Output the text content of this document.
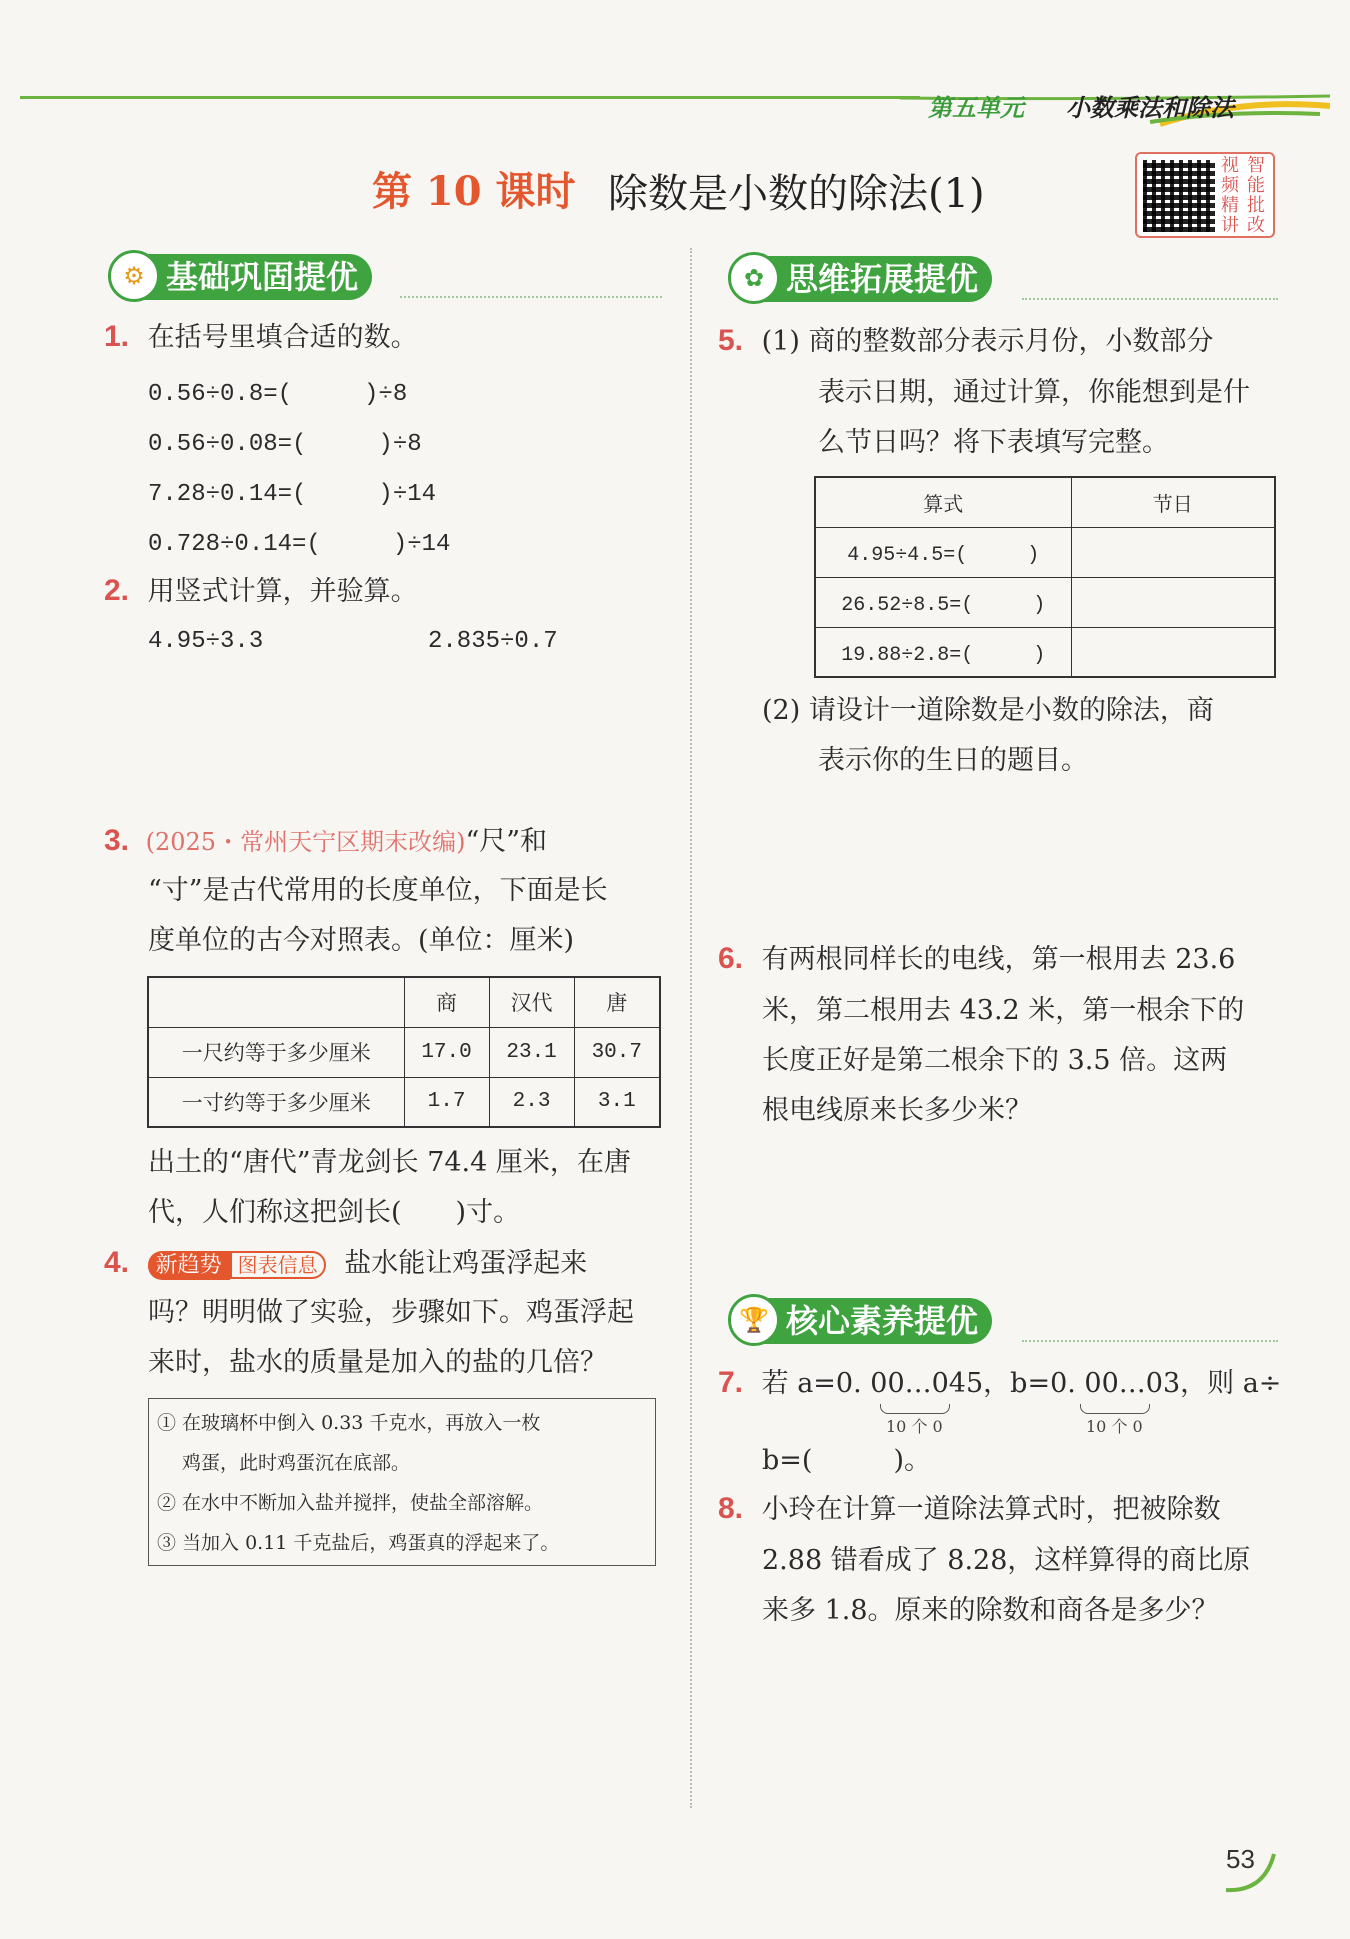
第五单元 小数乘法和除法
第 10 课时 除数是小数的除法(1)
视 智
频 能
精 批
讲 改
⚙ 基础巩固提优
1. 在括号里填合适的数。
0.56÷0.8=(　　　)÷8
0.56÷0.08=(　　　)÷8
7.28÷0.14=(　　　)÷14
0.728÷0.14=(　　　)÷14
2. 用竖式计算，并验算。
4.95÷3.3	2.835÷0.7
3. (2025・常州天宁区期末改编)“尺”和
“寸”是古代常用的长度单位，下面是长
度单位的古今对照表。(单位：厘米)
	商	汉代	唐
一尺约等于多少厘米	17.0	23.1	30.7
一寸约等于多少厘米	1.7	2.3	3.1
出土的“唐代”青龙剑长 74.4 厘米，在唐
代，人们称这把剑长(　　)寸。
4. 新趋势 图表信息 盐水能让鸡蛋浮起来
吗？明明做了实验，步骤如下。鸡蛋浮起
来时，盐水的质量是加入的盐的几倍？
① 在玻璃杯中倒入 0.33 千克水，再放入一枚
　 鸡蛋，此时鸡蛋沉在底部。
② 在水中不断加入盐并搅拌，使盐全部溶解。
③ 当加入 0.11 千克盐后，鸡蛋真的浮起来了。
✿ 思维拓展提优
5. (1) 商的整数部分表示月份，小数部分
表示日期，通过计算，你能想到是什
么节日吗？将下表填写完整。
算式	节日
4.95÷4.5=(　　　)	
26.52÷8.5=(　　　)	
19.88÷2.8=(　　　)	
(2) 请设计一道除数是小数的除法，商
表示你的生日的题目。
6. 有两根同样长的电线，第一根用去 23.6
米，第二根用去 43.2 米，第一根余下的
长度正好是第二根余下的 3.5 倍。这两
根电线原来长多少米？
🏆 核心素养提优
7. 若 a=0. 00…045，b=0. 00…03，则 a÷
10 个 0	10 个 0
b=(　　　)。
8. 小玲在计算一道除法算式时，把被除数
2.88 错看成了 8.28，这样算得的商比原
来多 1.8。原来的除数和商各是多少？
53
